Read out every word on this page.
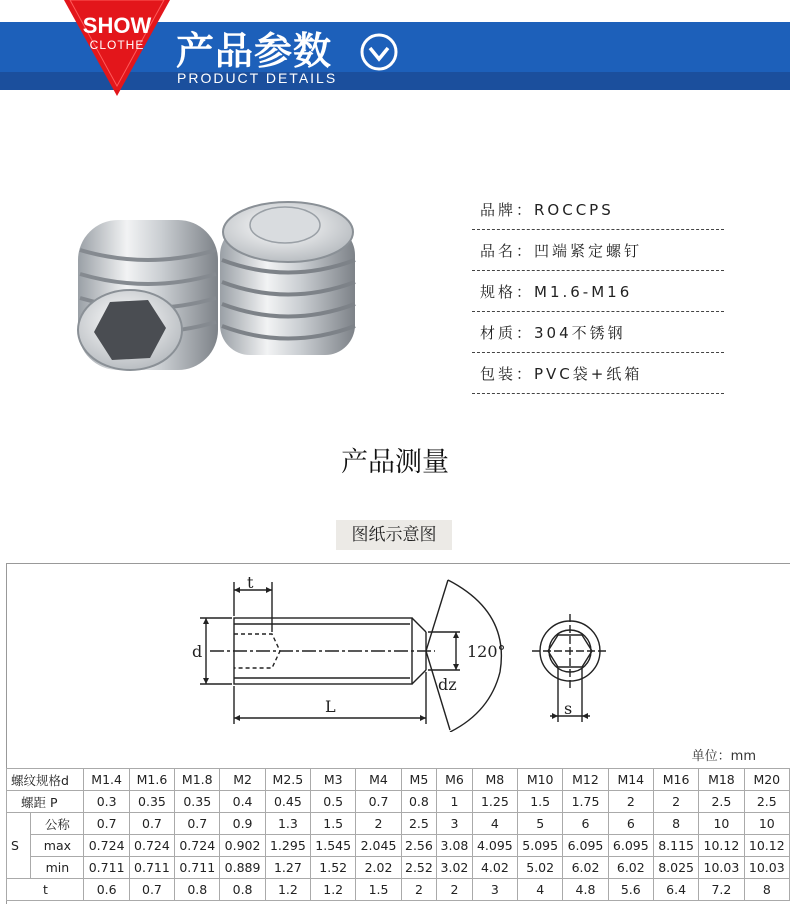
SHOW
CLOTHE 产品参数
PRODUCT DETAILS
品牌：ROCCPS
品名：凹端紧定螺钉
规格：M1.6-M16
材质：304不锈钢
包装：PVC袋+纸箱
产品测量
图纸示意图
t
d	120°
dz
L	s
单位：mm
螺纹规格d		M1.4	M1.6	M1.8	M2	M2.5	M3	M4	M5	M6	M8	M10	M12	M14	M16	M18	M20
螺距 P		0.3	0.35	0.35	0.4	0.45	0.5	0.7	0.8	1	1.25	1.5	1.75	2	2	2.5	2.5
S	公称	0.7	0.7	0.7	0.9	1.3	1.5	2	2.5	3	4	5	6	6	8	10	10
	max	0.724	0.724	0.724	0.902	1.295	1.545	2.045	2.56	3.08	4.095	5.095	6.095	6.095	8.115	10.12	10.12
	min	0.711	0.711	0.711	0.889	1.27	1.52	2.02	2.52	3.02	4.02	5.02	6.02	6.02	8.025	10.03	10.03
t		0.6	0.7	0.8	0.8	1.2	1.2	1.5	2	2	3	4	4.8	5.6	6.4	7.2	8
